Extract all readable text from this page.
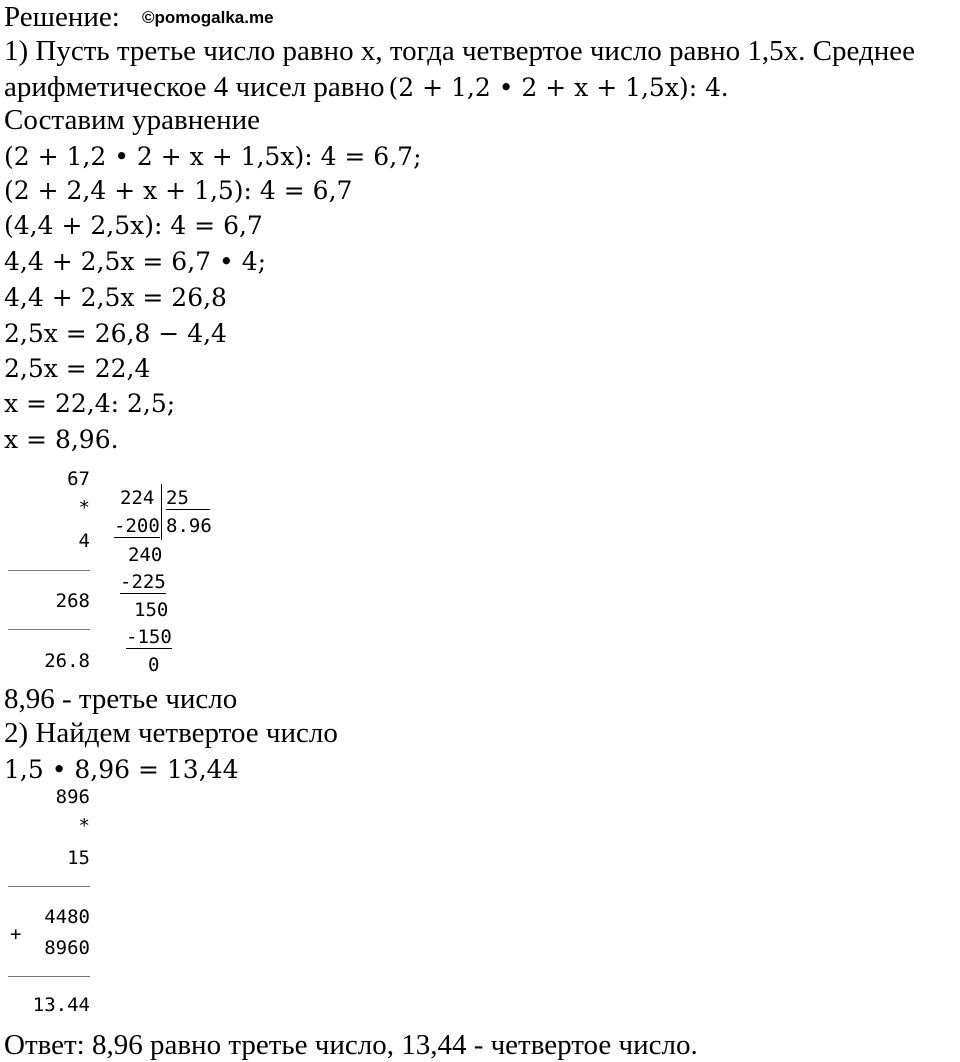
Решение: ©pomogalka.me
1) Пусть третье число равно x, тогда четвертое число равно 1,5x. Среднее
арифметическое 4 чисел равно (2 + 1,2 • 2 + x + 1,5x): 4.
Составим уравнение
(2 + 1,2 • 2 + x + 1,5x): 4 = 6,7;
(2 + 2,4 + x + 1,5): 4 = 6,7
(4,4 + 2,5x): 4 = 6,7
4,4 + 2,5x = 6,7 • 4;
4,4 + 2,5x = 26,8
2,5x = 26,8 − 4,4
2,5x = 22,4
x = 22,4: 2,5;
x = 8,96.
67
*
4
268
26.8
224 25
-200 8.96
240
-225
150
-150
0
8,96 - третье число
2) Найдем четвертое число
1,5 • 8,96 = 13,44
896
*
15
4480
+
8960
13.44
Ответ: 8,96 равно третье число, 13,44 - четвертое число.
